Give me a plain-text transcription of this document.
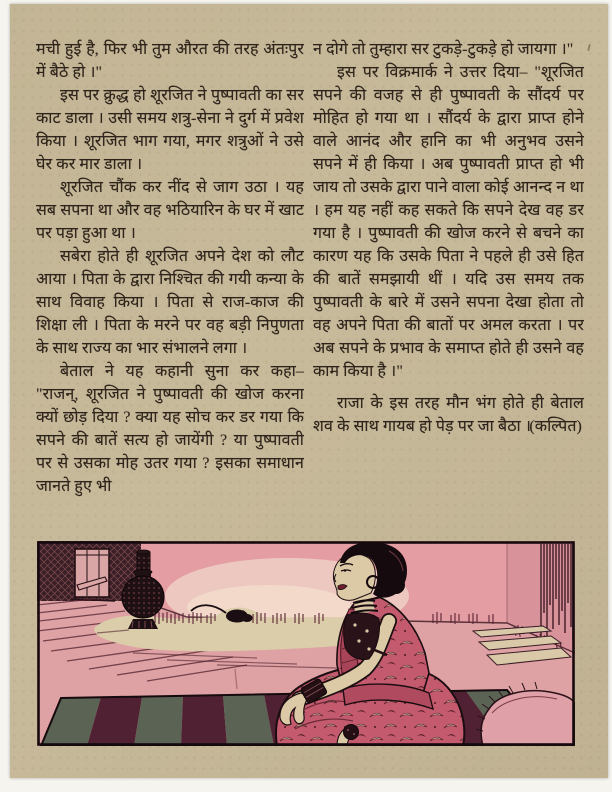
मची हुई है, फिर भी तुम औरत की तरह अंतःपुर में बैठे हो ।"

इस पर क्रुद्ध हो शूरजित ने पुष्पावती का सर काट डाला । उसी समय शत्रु-सेना ने दुर्ग में प्रवेश किया । शूरजित भाग गया, मगर शत्रुओं ने उसे घेर कर मार डाला ।

शूरजित चौंक कर नींद से जाग उठा । यह सब सपना था और वह भठियारिन के घर में खाट पर पड़ा हुआ था ।

सबेरा होते ही शूरजित अपने देश को लौट आया । पिता के द्वारा निश्चित की गयी कन्या के साथ विवाह किया । पिता से राज-काज की शिक्षा ली । पिता के मरने पर वह बड़ी निपुणता के साथ राज्य का भार संभालने लगा ।

बेताल ने यह कहानी सुना कर कहा– "राजन्, शूरजित ने पुष्पावती की खोज करना क्यों छोड़ दिया ? क्या यह सोच कर डर गया कि सपने की बातें सत्य हो जायेंगी ? या पुष्पावती पर से उसका मोह उतर गया ? इसका समाधान जानते हुए भी

न दोगे तो तुम्हारा सर टुकड़े-टुकड़े हो जायगा ।"

इस पर विक्रमार्क ने उत्तर दिया– "शूरजित सपने की वजह से ही पुष्पावती के सौंदर्य पर मोहित हो गया था । सौंदर्य के द्वारा प्राप्त होने वाले आनंद और हानि का भी अनुभव उसने सपने में ही किया । अब पुष्पावती प्राप्त हो भी जाय तो उसके द्वारा पाने वाला कोई आनन्द न था । हम यह नहीं कह सकते कि सपने देख वह डर गया है । पुष्पावती की खोज करने से बचने का कारण यह कि उसके पिता ने पहले ही उसे हित की बातें समझायी थीं । यदि उस समय तक पुष्पावती के बारे में उसने सपना देखा होता तो वह अपने पिता की बातों पर अमल करता । पर अब सपने के प्रभाव के समाप्त होते ही उसने वह काम किया है ।"

राजा के इस तरह मौन भंग होते ही बेताल शव के साथ गायब हो पेड़ पर जा बैठा ।

(कल्पित)
